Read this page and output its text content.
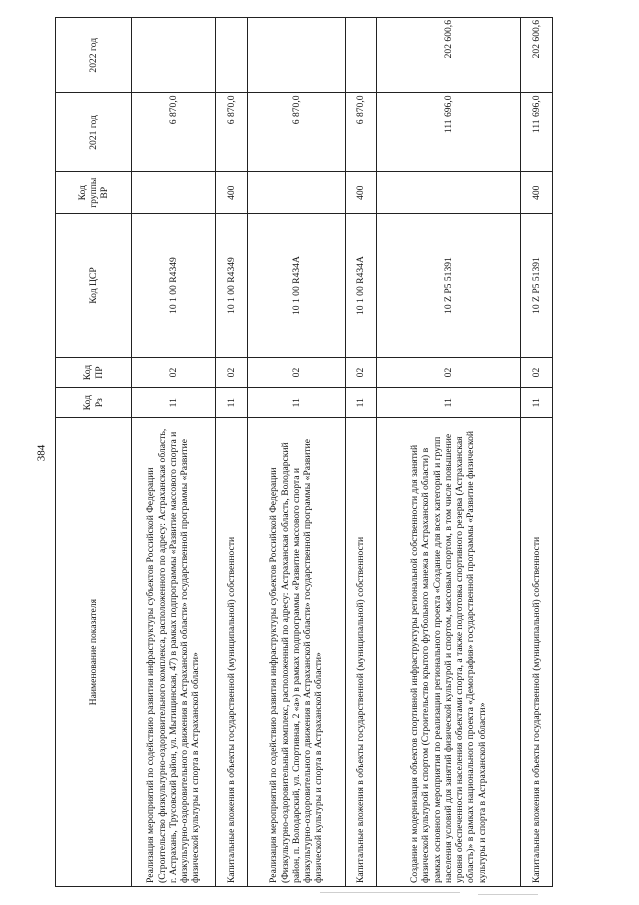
384
Наименование показателя	Код Рз	Код ПР	Код ЦСР	Код группы ВР	2021 год	2022 год
Реализация мероприятий по содействию развития инфраструктуры субъектов Российской Федерации (Строительство физкультурно-оздоровительного комплекса, расположенного по адресу: Астраханская область, г. Астрахань, Трусовский район, ул. Мытищинская, 47) в рамках подпрограммы «Развитие массового спорта и физкультурно-оздоровительного движения в Астраханской области» государственной программы «Развитие физической культуры и спорта в Астраханской области»	11	02	10 1 00 R4349		6 870,0	
Капитальные вложения в объекты государственной (муниципальной) собственности	11	02	10 1 00 R4349	400	6 870,0	
Реализация мероприятий по содействию развития инфраструктуры субъектов Российской Федерации (Физкультурно-оздоровительный комплекс, расположенный по адресу: Астраханская область, Володарский район, п. Володарский, ул. Спортивная, 2 «а») в рамках подпрограммы «Развитие массового спорта и физкультурно-оздоровительного движения в Астраханской области» государственной программы «Развитие физической культуры и спорта в Астраханской области»	11	02	10 1 00 R434A		6 870,0	
Капитальные вложения в объекты государственной (муниципальной) собственности	11	02	10 1 00 R434A	400	6 870,0	
Создание и модернизация объектов спортивной инфраструктуры региональной собственности для занятий физической культурой и спортом (Строительство крытого футбольного манежа в Астраханской области) в рамках основного мероприятия по реализации регионального проекта «Создание для всех категорий и групп населения условий для занятий физической культурой и спортом, массовым спортом, в том числе повышение уровня обеспеченности населения объектами спорта, а также подготовка спортивного резерва (Астраханская область)» в рамках национального проекта «Демография» государственной программы «Развитие физической культуры и спорта в Астраханской области»	11	02	10 Z P5 51391		111 696,0	202 600,6
Капитальные вложения в объекты государственной (муниципальной) собственности	11	02	10 Z P5 51391	400	111 696,0	202 600,6
